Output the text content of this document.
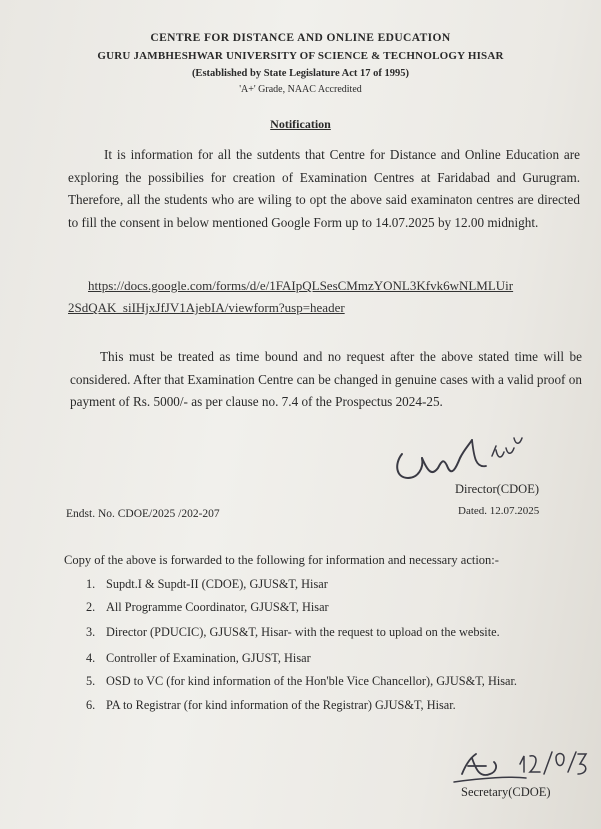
CENTRE FOR DISTANCE AND ONLINE EDUCATION
GURU JAMBHESHWAR UNIVERSITY OF SCIENCE & TECHNOLOGY HISAR
(Established by State Legislature Act 17 of 1995)
'A+' Grade, NAAC Accredited
Notification
It is information for all the sutdents that Centre for Distance and Online Education are exploring the possibilies for creation of Examination Centres at Faridabad and Gurugram. Therefore, all the students who are wiling to opt the above said examinaton centres are directed to fill the consent in below mentioned Google Form up to 14.07.2025 by 12.00 midnight.
https://docs.google.com/forms/d/e/1FAIpQLSesCMmzYONL3Kfvk6wNLMLUir
2SdQAK_siIHjxJfJV1AjebIA/viewform?usp=header
This must be treated as time bound and no request after the above stated time will be considered. After that Examination Centre can be changed in genuine cases with a valid proof on payment of Rs. 5000/- as per clause no. 7.4 of the Prospectus 2024-25.
Director(CDOE)
Endst. No. CDOE/2025 /202-207	Dated. 12.07.2025
Copy of the above is forwarded to the following for information and necessary action:-
1. Supdt.I & Supdt-II (CDOE), GJUS&T, Hisar
2. All Programme Coordinator, GJUS&T, Hisar
3. Director (PDUCIC), GJUS&T, Hisar- with the request to upload on the website.
4. Controller of Examination, GJUST, Hisar
5. OSD to VC (for kind information of the Hon'ble Vice Chancellor), GJUS&T, Hisar.
6. PA to Registrar (for kind information of the Registrar) GJUS&T, Hisar.
Secretary(CDOE)
